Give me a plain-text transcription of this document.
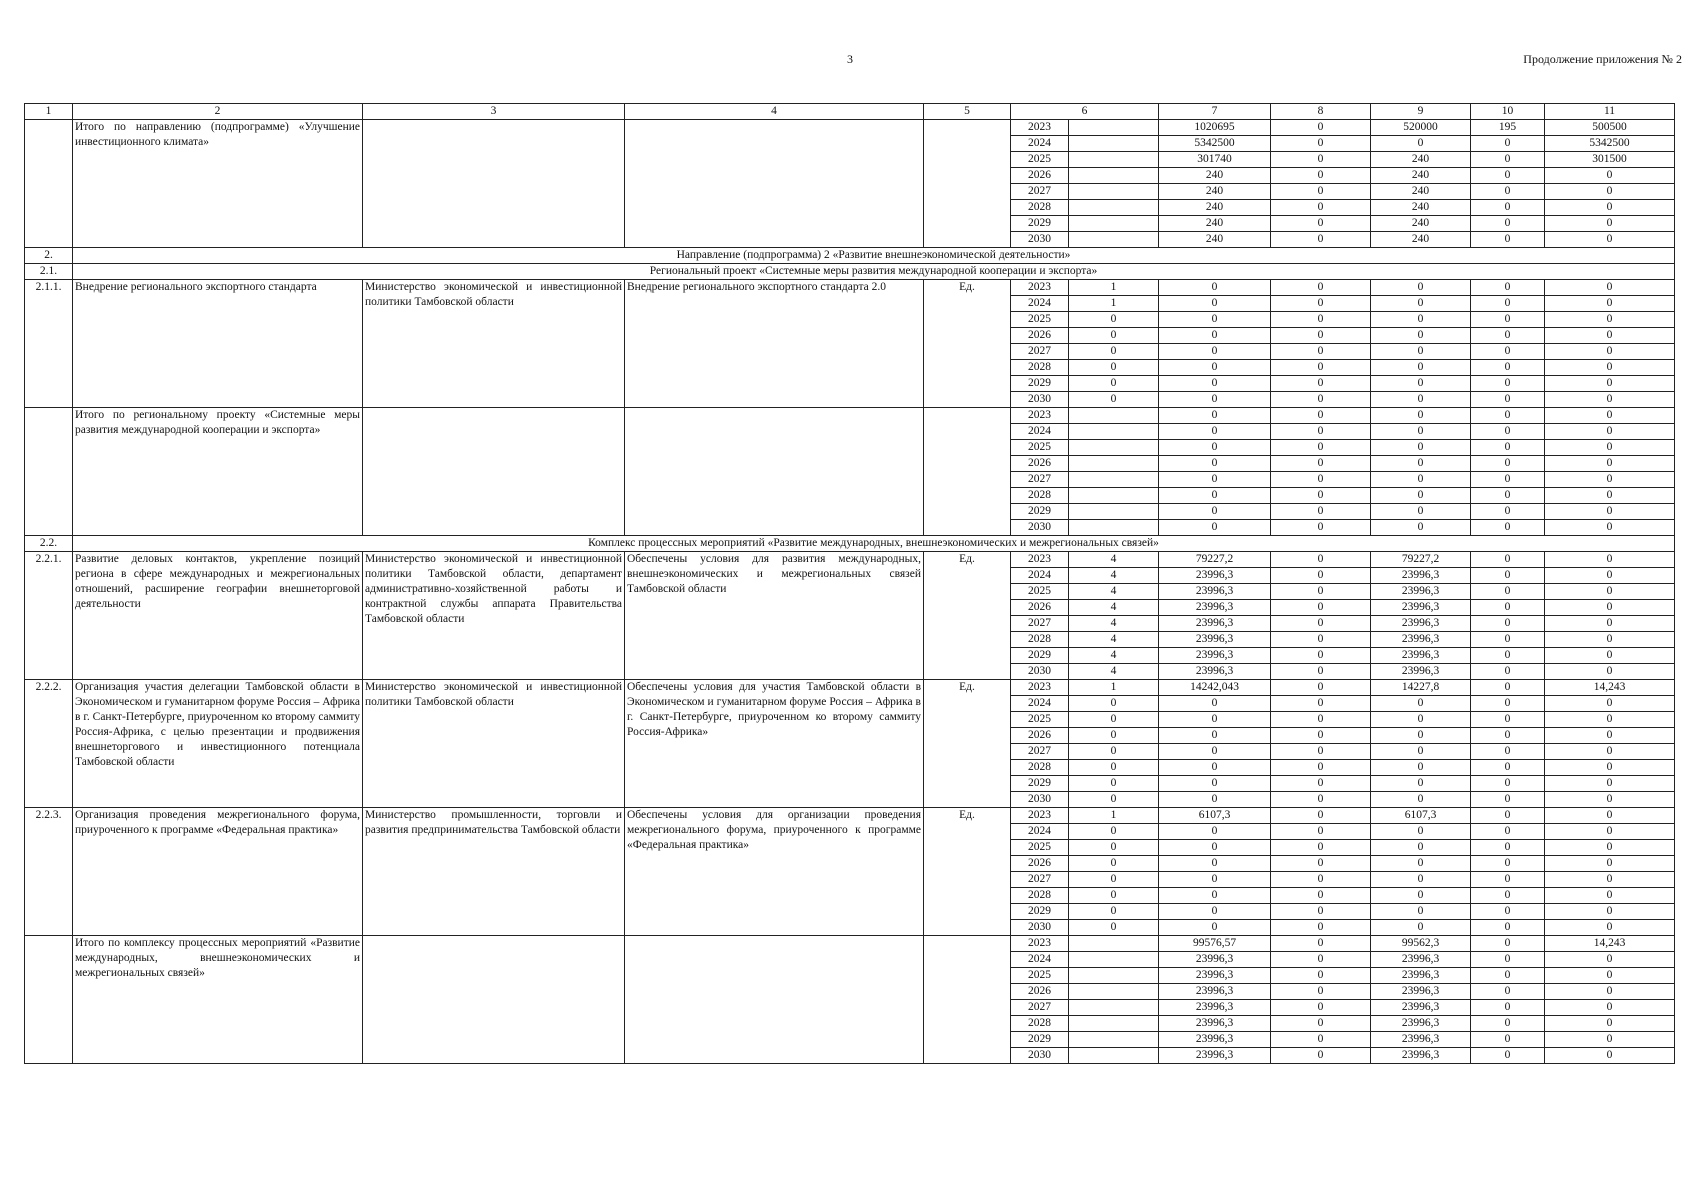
3	Продолжение приложения № 2
1	2	3	4	5	6		7	8	9	10	11
	Итого по направлению (подпрограмме) «Улучшение инвестиционного климата»				2023		1020695	0	520000	195	500500
					2024		5342500	0	0	0	5342500
					2025		301740	0	240	0	301500
					2026		240	0	240	0	0
					2027		240	0	240	0	0
					2028		240	0	240	0	0
					2029		240	0	240	0	0
					2030		240	0	240	0	0
2.	Направление (подпрограмма) 2 «Развитие внешнеэкономической деятельности»										
2.1.	Региональный проект «Системные меры развития международной кооперации и экспорта»										
2.1.1.	Внедрение регионального экспортного стандарта	Министерство экономической и инвестиционной политики Тамбовской области	Внедрение регионального экспортного стандарта 2.0	Ед.	2023	1	0	0	0	0	0
					2024	1	0	0	0	0	0
					2025	0	0	0	0	0	0
					2026	0	0	0	0	0	0
					2027	0	0	0	0	0	0
					2028	0	0	0	0	0	0
					2029	0	0	0	0	0	0
					2030	0	0	0	0	0	0
	Итого по региональному проекту «Системные меры развития международной кооперации и экспорта»				2023		0	0	0	0	0
					2024		0	0	0	0	0
					2025		0	0	0	0	0
					2026		0	0	0	0	0
					2027		0	0	0	0	0
					2028		0	0	0	0	0
					2029		0	0	0	0	0
					2030		0	0	0	0	0
2.2.	Комплекс процессных мероприятий «Развитие международных, внешнеэкономических и межрегиональных связей»										
2.2.1.	Развитие деловых контактов, укрепление позиций региона в сфере международных и межрегиональных отношений, расширение географии внешнеторговой деятельности	Министерство экономической и инвестиционной политики Тамбовской области, департамент административно-хозяйственной работы и контрактной службы аппарата Правительства Тамбовской области	Обеспечены условия для развития международных, внешнеэкономических и межрегиональных связей Тамбовской области	Ед.	2023	4	79227,2	0	79227,2	0	0
					2024	4	23996,3	0	23996,3	0	0
					2025	4	23996,3	0	23996,3	0	0
					2026	4	23996,3	0	23996,3	0	0
					2027	4	23996,3	0	23996,3	0	0
					2028	4	23996,3	0	23996,3	0	0
					2029	4	23996,3	0	23996,3	0	0
					2030	4	23996,3	0	23996,3	0	0
2.2.2.	Организация участия делегации Тамбовской области в Экономическом и гуманитарном форуме Россия – Африка в г. Санкт-Петербурге, приуроченном ко второму саммиту Россия-Африка, с целью презентации и продвижения внешнеторгового и инвестиционного потенциала Тамбовской области	Министерство экономической и инвестиционной политики Тамбовской области	Обеспечены условия для участия Тамбовской области в Экономическом и гуманитарном форуме Россия – Африка в г. Санкт-Петербурге, приуроченном ко второму саммиту Россия-Африка»	Ед.	2023	1	14242,043	0	14227,8	0	14,243
					2024	0	0	0	0	0	0
					2025	0	0	0	0	0	0
					2026	0	0	0	0	0	0
					2027	0	0	0	0	0	0
					2028	0	0	0	0	0	0
					2029	0	0	0	0	0	0
					2030	0	0	0	0	0	0
2.2.3.	Организация проведения межрегионального форума, приуроченного к программе «Федеральная практика»	Министерство промышленности, торговли и развития предпринимательства Тамбовской области	Обеспечены условия для организации проведения межрегионального форума, приуроченного к программе «Федеральная практика»	Ед.	2023	1	6107,3	0	6107,3	0	0
					2024	0	0	0	0	0	0
					2025	0	0	0	0	0	0
					2026	0	0	0	0	0	0
					2027	0	0	0	0	0	0
					2028	0	0	0	0	0	0
					2029	0	0	0	0	0	0
					2030	0	0	0	0	0	0
	Итого по комплексу процессных мероприятий «Развитие международных, внешнеэкономических и межрегиональных связей»				2023		99576,57	0	99562,3	0	14,243
					2024		23996,3	0	23996,3	0	0
					2025		23996,3	0	23996,3	0	0
					2026		23996,3	0	23996,3	0	0
					2027		23996,3	0	23996,3	0	0
					2028		23996,3	0	23996,3	0	0
					2029		23996,3	0	23996,3	0	0
					2030		23996,3	0	23996,3	0	0
